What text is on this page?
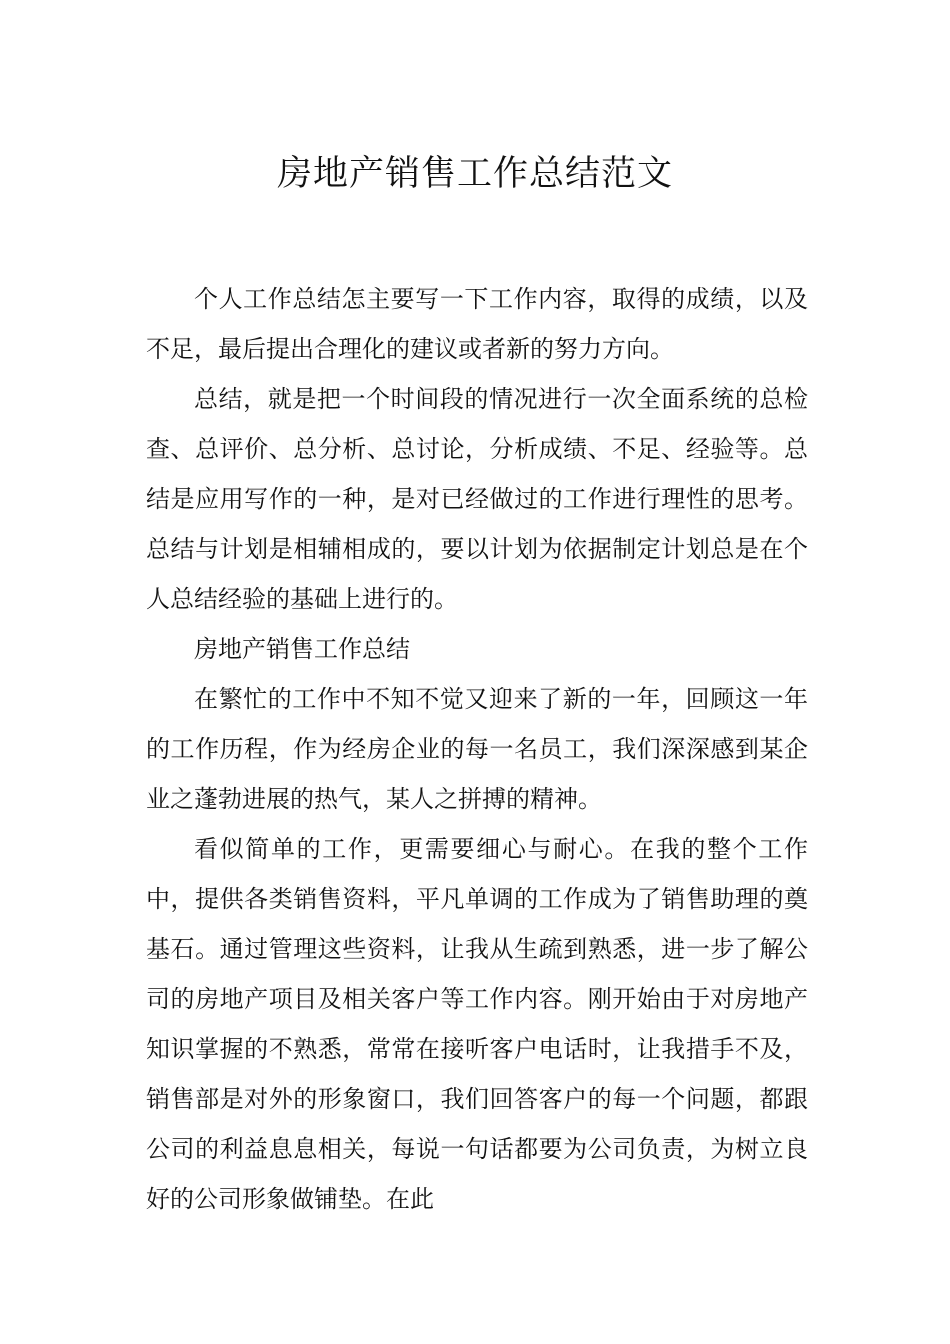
房地产销售工作总结范文

个人工作总结怎主要写一下工作内容，取得的成绩，以及不足，最后提出合理化的建议或者新的努力方向。

总结，就是把一个时间段的情况进行一次全面系统的总检查、总评价、总分析、总讨论，分析成绩、不足、经验等。总结是应用写作的一种，是对已经做过的工作进行理性的思考。总结与计划是相辅相成的，要以计划为依据制定计划总是在个人总结经验的基础上进行的。

房地产销售工作总结

在繁忙的工作中不知不觉又迎来了新的一年，回顾这一年的工作历程，作为经房企业的每一名员工，我们深深感到某企业之蓬勃进展的热气，某人之拼搏的精神。

看似简单的工作，更需要细心与耐心。在我的整个工作中，提供各类销售资料，平凡单调的工作成为了销售助理的奠基石。通过管理这些资料，让我从生疏到熟悉，进一步了解公司的房地产项目及相关客户等工作内容。刚开始由于对房地产知识掌握的不熟悉，常常在接听客户电话时，让我措手不及，销售部是对外的形象窗口，我们回答客户的每一个问题，都跟公司的利益息息相关，每说一句话都要为公司负责，为树立良好的公司形象做铺垫。在此
